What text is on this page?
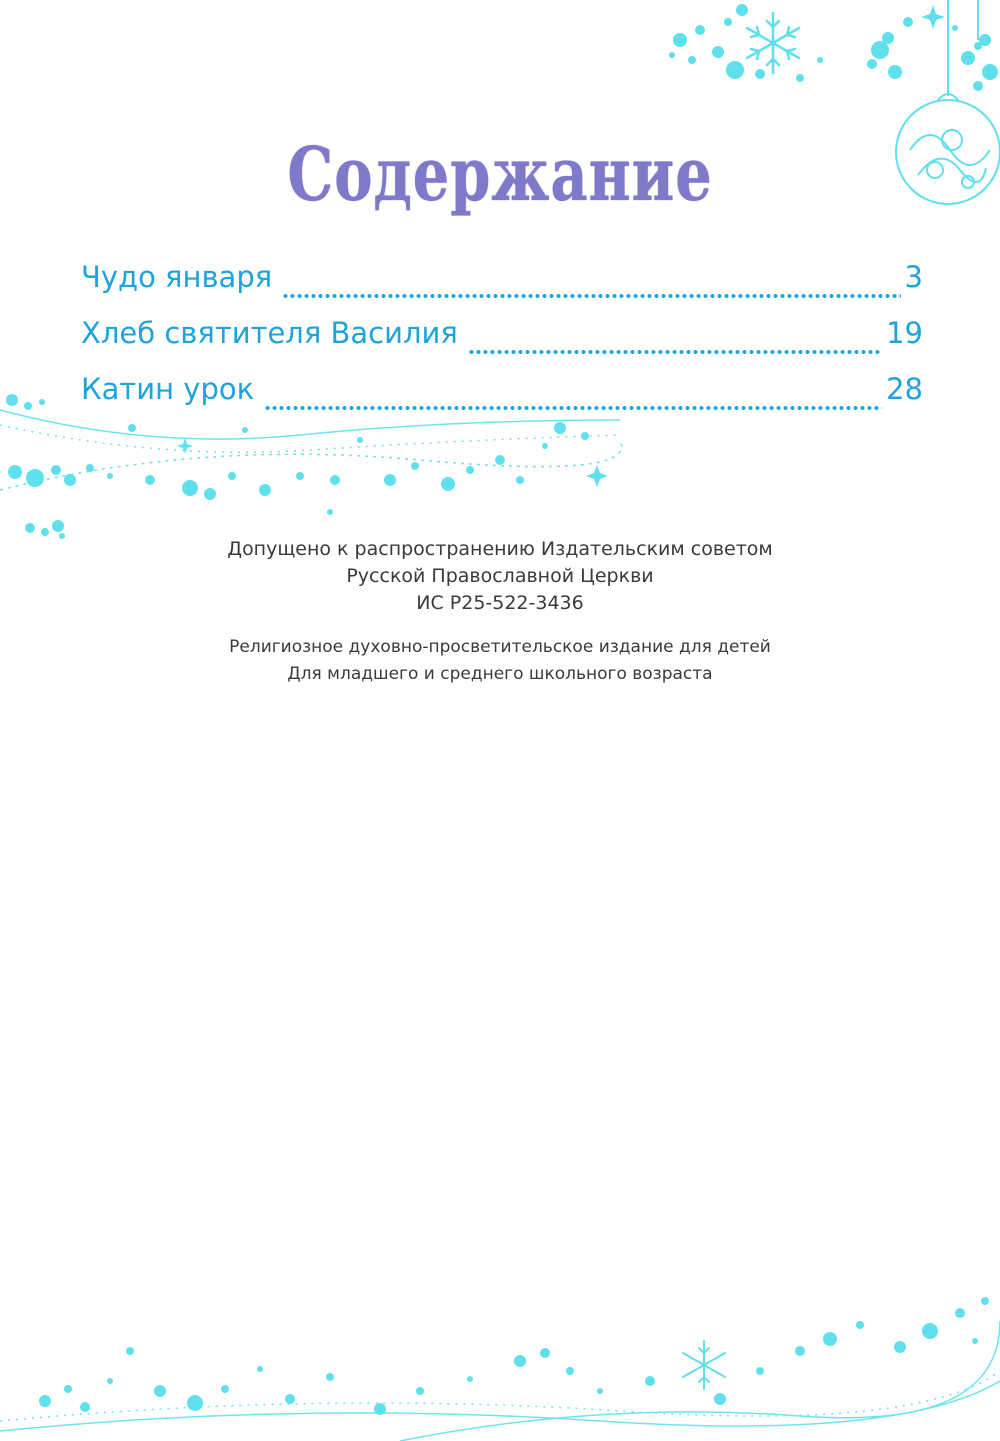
Содержание
Чудо января	3
Хлеб святителя Василия	19
Катин урок	28
Допущено к распространению Издательским советом
Русской Православной Церкви
ИС Р25-522-3436
Религиозное духовно-просветительское издание для детей
Для младшего и среднего школьного возраста
